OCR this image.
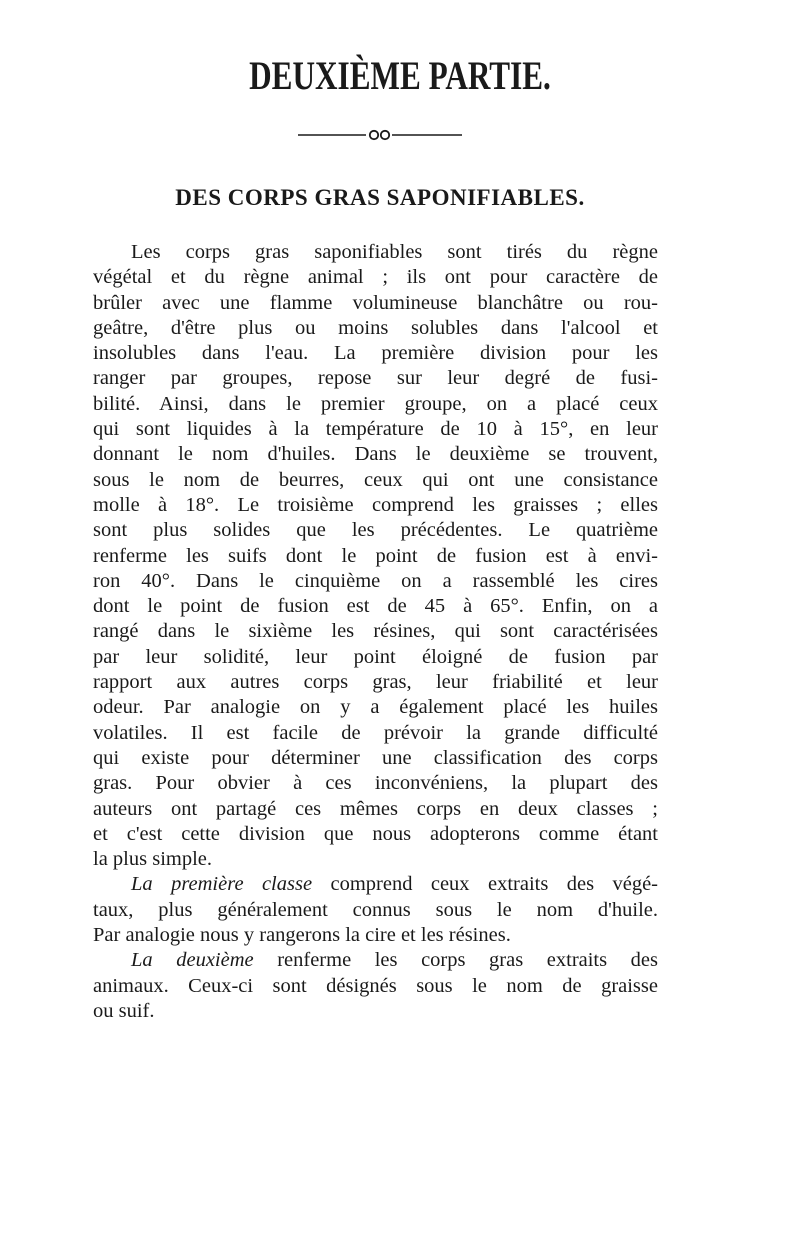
DEUXIÈME PARTIE.
DES CORPS GRAS SAPONIFIABLES.
Les corps gras saponifiables sont tirés du règne
végétal et du règne animal ; ils ont pour caractère de
brûler avec une flamme volumineuse blanchâtre ou rou-
geâtre, d'être plus ou moins solubles dans l'alcool et
insolubles dans l'eau. La première division pour les
ranger par groupes, repose sur leur degré de fusi-
bilité. Ainsi, dans le premier groupe, on a placé ceux
qui sont liquides à la température de 10 à 15°, en leur
donnant le nom d'huiles. Dans le deuxième se trouvent,
sous le nom de beurres, ceux qui ont une consistance
molle à 18°. Le troisième comprend les graisses ; elles
sont plus solides que les précédentes. Le quatrième
renferme les suifs dont le point de fusion est à envi-
ron 40°. Dans le cinquième on a rassemblé les cires
dont le point de fusion est de 45 à 65°. Enfin, on a
rangé dans le sixième les résines, qui sont caractérisées
par leur solidité, leur point éloigné de fusion par
rapport aux autres corps gras, leur friabilité et leur
odeur. Par analogie on y a également placé les huiles
volatiles. Il est facile de prévoir la grande difficulté
qui existe pour déterminer une classification des corps
gras. Pour obvier à ces inconvéniens, la plupart des
auteurs ont partagé ces mêmes corps en deux classes ;
et c'est cette division que nous adopterons comme étant
la plus simple.
La première classe comprend ceux extraits des végé-
taux, plus généralement connus sous le nom d'huile.
Par analogie nous y rangerons la cire et les résines.
La deuxième renferme les corps gras extraits des
animaux. Ceux-ci sont désignés sous le nom de graisse
ou suif.
